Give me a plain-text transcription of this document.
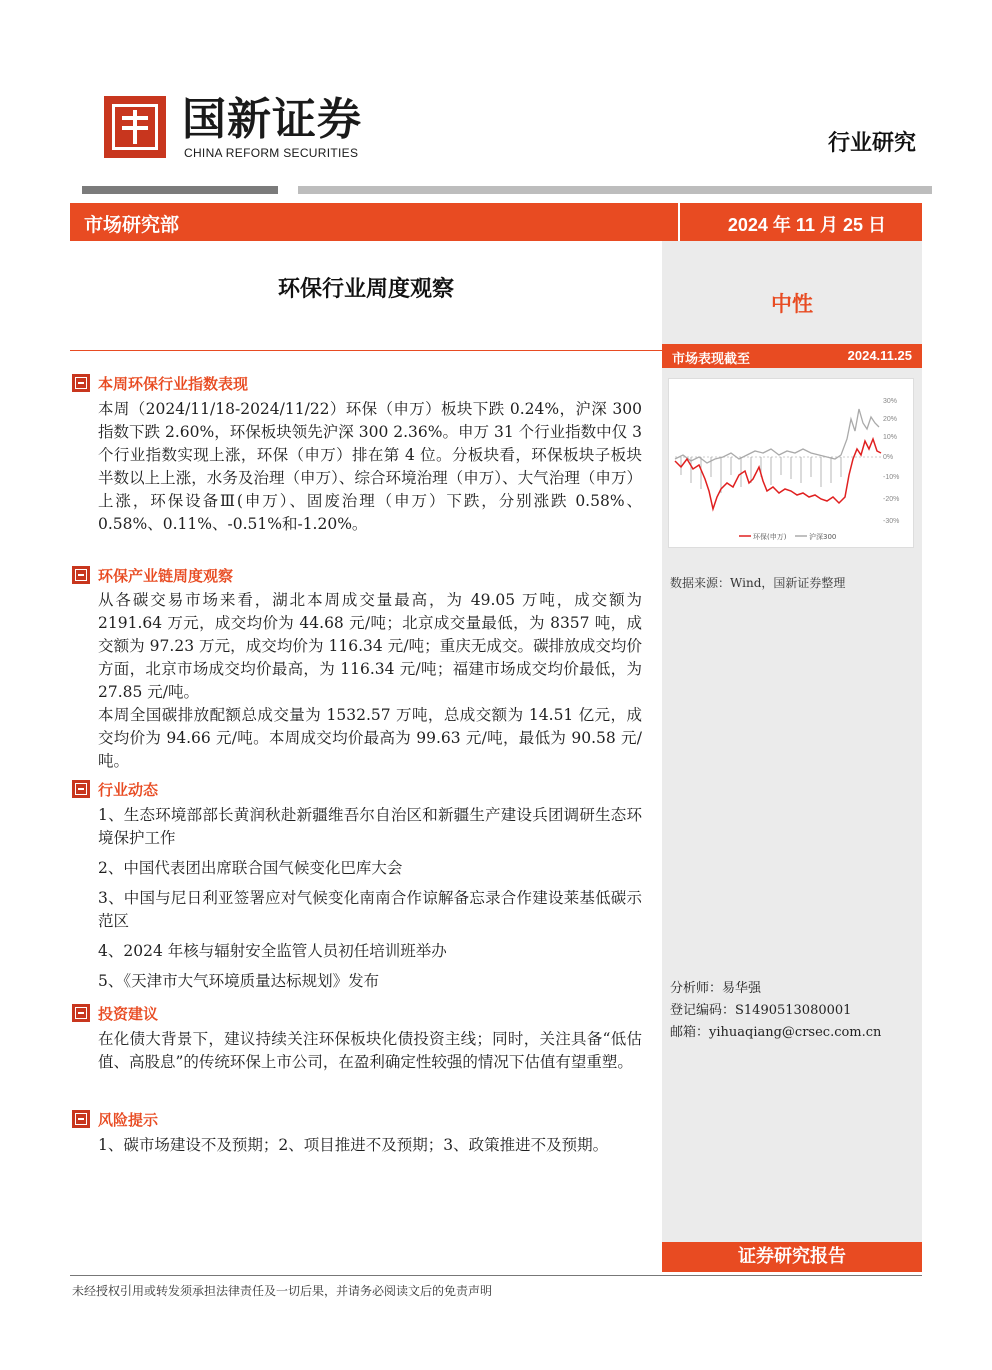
国新证券
CHINA REFORM SECURITIES	行业研究
市场研究部	2024 年 11 月 25 日
中性
市场表现截至	2024.11.25
30%
20%
10%
0%
-10%
-20%
-30%
环保(申万)	沪深300
数据来源：Wind，国新证券整理
分析师：易华强
登记编码：S1490513080001
邮箱：yihuaqiang@crsec.com.cn
证券研究报告
环保行业周度观察
本周环保行业指数表现

本周（2024/11/18-2024/11/22）环保（申万）板块下跌 0.24%，沪深 300 指数下跌 2.60%，环保板块领先沪深 300 2.36%。申万 31 个行业指数中仅 3 个行业指数实现上涨，环保（申万）排在第 4 位。分板块看，环保板块子板块半数以上上涨，水务及治理（申万）、综合环境治理（申万）、大气治理（申万）上涨，环保设备Ⅲ(申万）、固废治理（申万）下跌，分别涨跌 0.58%、0.58%、0.11%、-0.51%和-1.20%。

环保产业链周度观察

从各碳交易市场来看，湖北本周成交量最高，为 49.05 万吨，成交额为 2191.64 万元，成交均价为 44.68 元/吨；北京成交量最低，为 8357 吨，成交额为 97.23 万元，成交均价为 116.34 元/吨；重庆无成交。碳排放成交均价方面，北京市场成交均价最高，为 116.34 元/吨；福建市场成交均价最低，为 27.85 元/吨。

本周全国碳排放配额总成交量为 1532.57 万吨，总成交额为 14.51 亿元，成交均价为 94.66 元/吨。本周成交均价最高为 99.63 元/吨，最低为 90.58 元/吨。

行业动态

1、生态环境部部长黄润秋赴新疆维吾尔自治区和新疆生产建设兵团调研生态环境保护工作

2、中国代表团出席联合国气候变化巴库大会

3、中国与尼日利亚签署应对气候变化南南合作谅解备忘录合作建设莱基低碳示范区

4、2024 年核与辐射安全监管人员初任培训班举办

5、《天津市大气环境质量达标规划》发布

投资建议

在化债大背景下，建议持续关注环保板块化债投资主线；同时，关注具备“低估值、高股息”的传统环保上市公司，在盈利确定性较强的情况下估值有望重塑。

风险提示

1、碳市场建设不及预期；2、项目推进不及预期；3、政策推进不及预期。

未经授权引用或转发须承担法律责任及一切后果，并请务必阅读文后的免责声明
